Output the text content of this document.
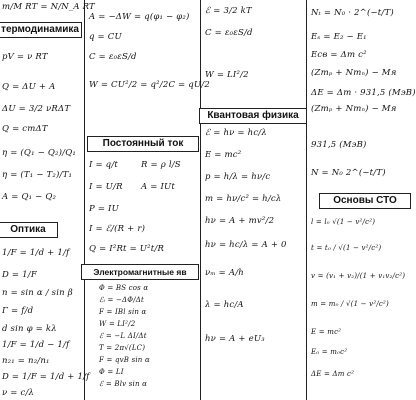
термодинамика
m/M RT = N/N_A RT
pV = ν RT
Q = ΔU + A
ΔU = 3/2 νRΔT
Q = cmΔT
η = (Q₁ − Q₂)/Q₁
η = (T₁ − T₂)/T₁
A = Q₁ − Q₂
Оптика
1/F = 1/d + 1/f
D = 1/F
n = sin α / sin β
Γ = f/d
d sin φ = kλ
1/F = 1/d − 1/f
n₂₁ = n₂/n₁
D = 1/F = 1/d + 1/f
ν = c/λ
A = −ΔW = q(φ₁ − φ₂)
q = CU
C = ε₀εS/d
W = CU²/2 = q²/2C = qU/2
Постоянный ток
I = q/t	R = ρ l/S
I = U/R A = IUt
P = IU
I = ℰ/(R + r)
Q = I²Rt = U²t/R
Электромагнитные яв
Φ = BS cos α
ℰᵢ = −ΔΦ/Δt
F = IBl sin α
W = LI²/2
ℰ = −L ΔI/Δt
T = 2π√(LC)
F = qvB sin α
Φ = LI
ℰ = Blv sin α
ℰ = 3/2 kT
C = ε₀εS/d
W = LI²/2
Квантовая физика
ℰ = hν = hc/λ
E = mc²
p = h/λ = hν/c
m = hν/c² = h/cλ
hν = A + mv²/2
hν = hc/λ = A + 0
νₘ = A/h
λ = hc/A
hν = A + eU₃
Nₜ = N₀ · 2^(−t/T)
Eₛ = E₂ − E₁
Eсв = Δm c²
(Zmₚ + Nmₙ) − Mя
ΔE = Δm · 931,5 (МэВ)
(Zmₚ + Nmₙ) − Mя
931,5 (МэВ)
N = N₀ 2^(−t/T)
Основы СТО
l = l₀ √(1 − v²/c²)
t = t₀ / √(1 − v²/c²)
v = (v₁ + v₂)/(1 + v₁v₂/c²)
m = m₀ / √(1 − v²/c²)
E = mc²
E₀ = m₀c²
ΔE = Δm c²
